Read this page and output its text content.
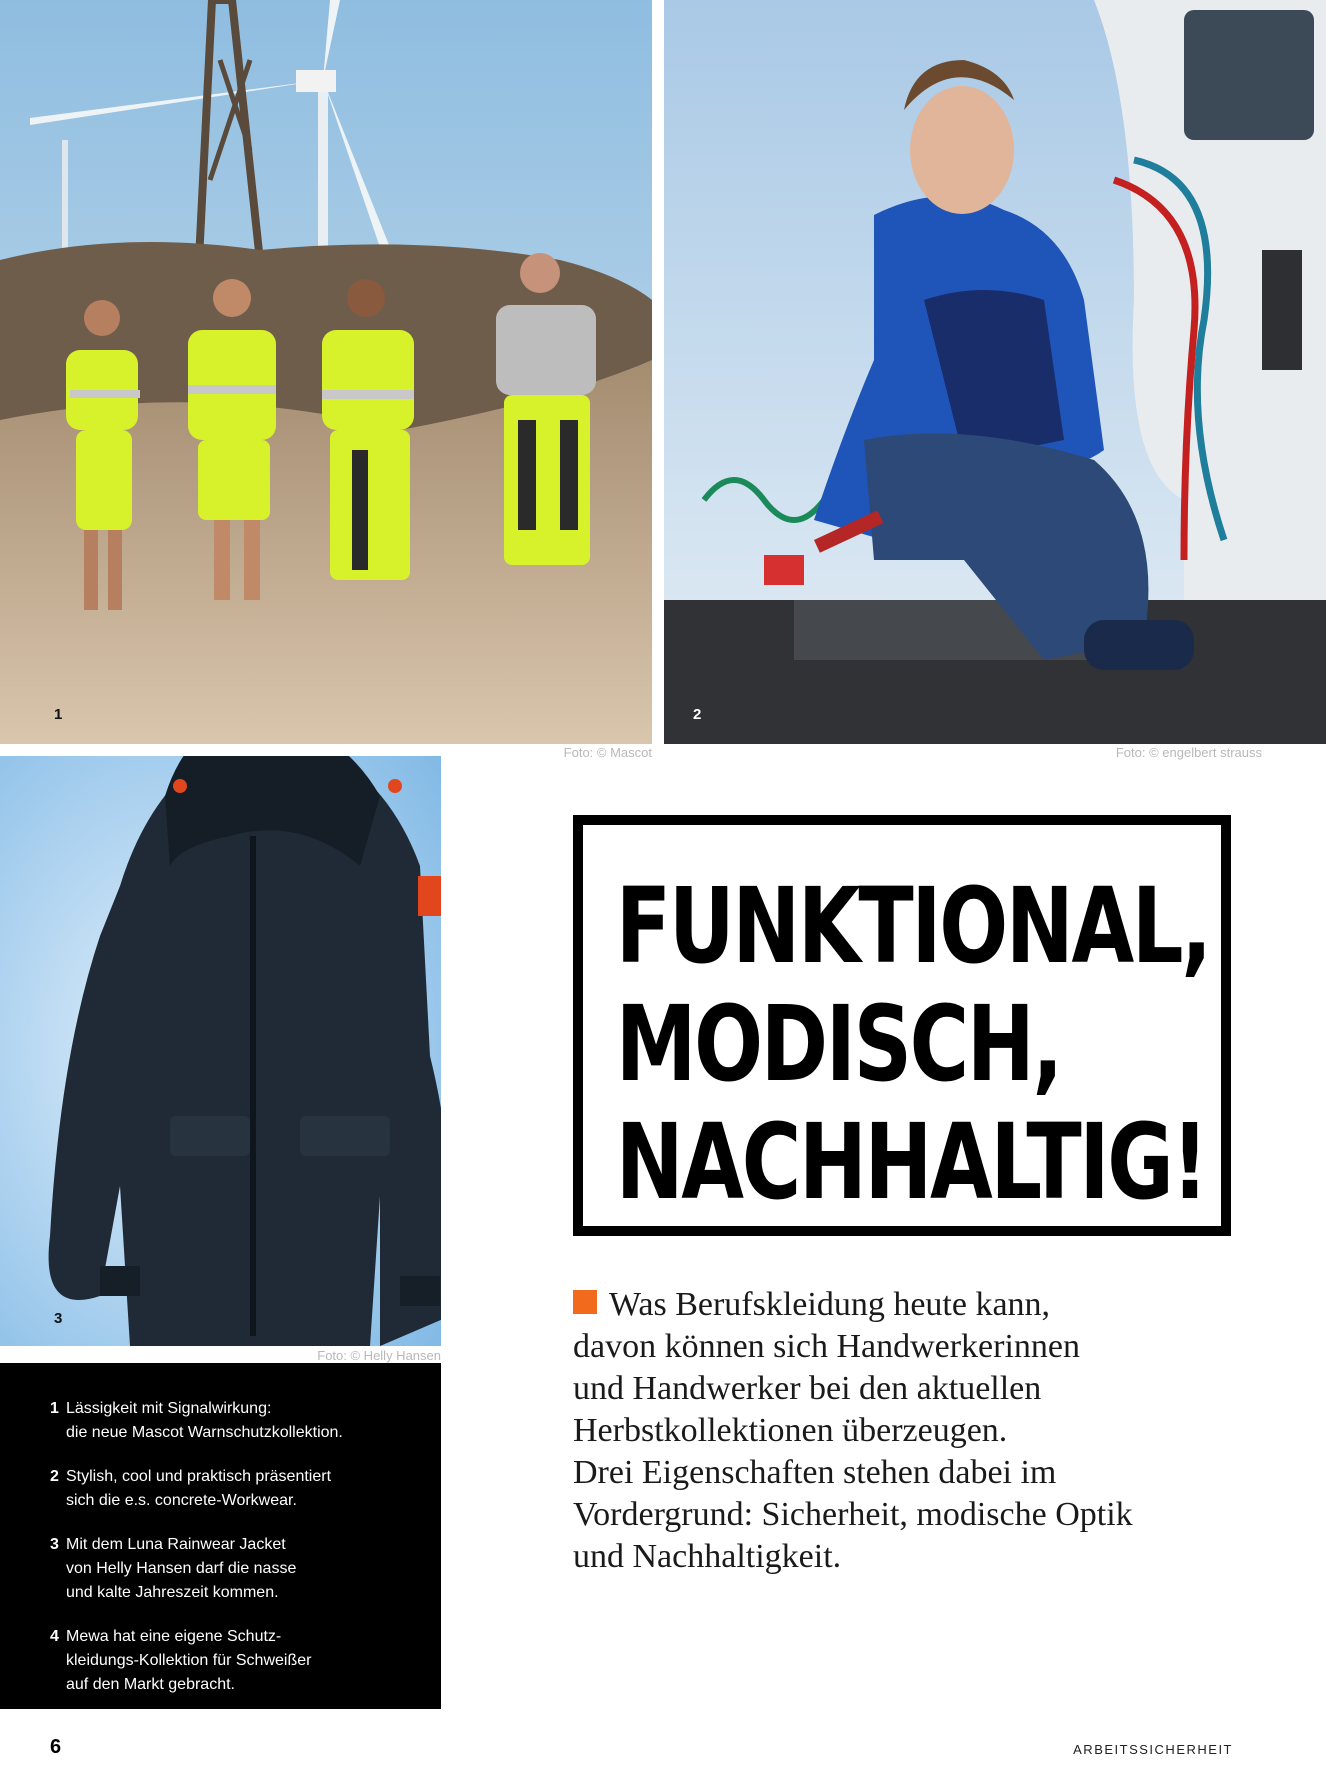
1
Foto: © Mascot
2
Foto: © engelbert strauss
3
Foto: © Helly Hansen
FUNKTIONAL,
MODISCH,
NACHHALTIG!
Was Berufskleidung heute kann,
davon können sich Handwerkerinnen
und Handwerker bei den aktuellen
Herbstkollektionen überzeugen.
Drei Eigenschaften stehen dabei im
Vordergrund: Sicherheit, modische Optik
und Nachhaltigkeit.
1 Lässigkeit mit Signalwirkung:
die neue Mascot Warnschutzkollektion.
2 Stylish, cool und praktisch präsentiert
sich die e.s. concrete-Workwear.
3 Mit dem Luna Rainwear Jacket
von Helly Hansen darf die nasse
und kalte Jahreszeit kommen.
4 Mewa hat eine eigene Schutz-
kleidungs-Kollektion für Schweißer
auf den Markt gebracht.
6	ARBEITSSICHERHEIT
